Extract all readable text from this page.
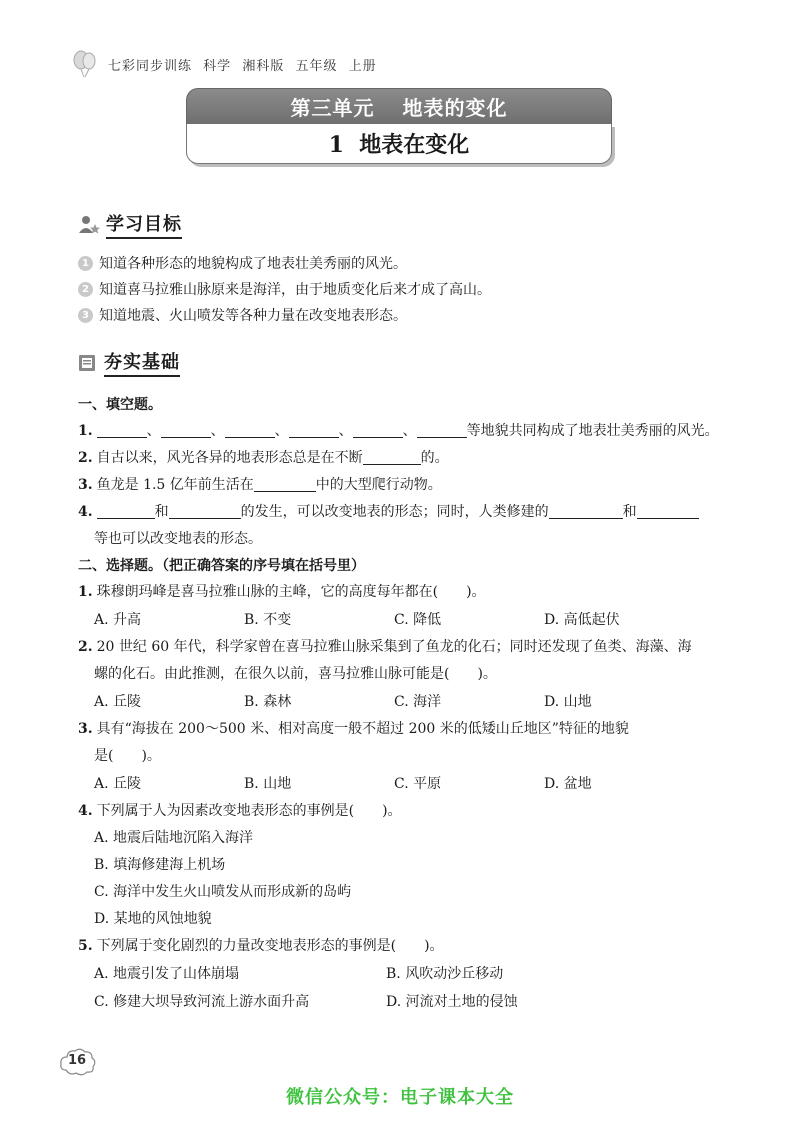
七彩同步训练 科学 湘科版 五年级 上册
第三单元 地表的变化
1  地表在变化
学习目标
1 知道各种形态的地貌构成了地表壮美秀丽的风光。
2 知道喜马拉雅山脉原来是海洋，由于地质变化后来才成了高山。
3 知道地震、火山喷发等各种力量在改变地表形态。
夯实基础
一、填空题。
1.	、	、	、	、	、	等地貌共同构成了地表壮美秀丽的风光。
2. 自古以来，风光各异的地表形态总是在不断	的。
3. 鱼龙是 1.5 亿年前生活在	中的大型爬行动物。
4.	和	的发生，可以改变地表的形态；同时，人类修建的	和
等也可以改变地表的形态。
二、选择题。（把正确答案的序号填在括号里）
1. 珠穆朗玛峰是喜马拉雅山脉的主峰，它的高度每年都在(　　)。
A. 升高	B. 不变	C. 降低	D. 高低起伏
2. 20 世纪 60 年代，科学家曾在喜马拉雅山脉采集到了鱼龙的化石；同时还发现了鱼类、海藻、海
螺的化石。由此推测，在很久以前，喜马拉雅山脉可能是(　　)。
A. 丘陵	B. 森林	C. 海洋	D. 山地
3. 具有“海拔在 200～500 米、相对高度一般不超过 200 米的低矮山丘地区”特征的地貌
是(　　)。
A. 丘陵	B. 山地	C. 平原	D. 盆地
4. 下列属于人为因素改变地表形态的事例是(　　)。
A. 地震后陆地沉陷入海洋
B. 填海修建海上机场
C. 海洋中发生火山喷发从而形成新的岛屿
D. 某地的风蚀地貌
5. 下列属于变化剧烈的力量改变地表形态的事例是(　　)。
A. 地震引发了山体崩塌	B. 风吹动沙丘移动
C. 修建大坝导致河流上游水面升高	D. 河流对土地的侵蚀
16
微信公众号：电子课本大全
